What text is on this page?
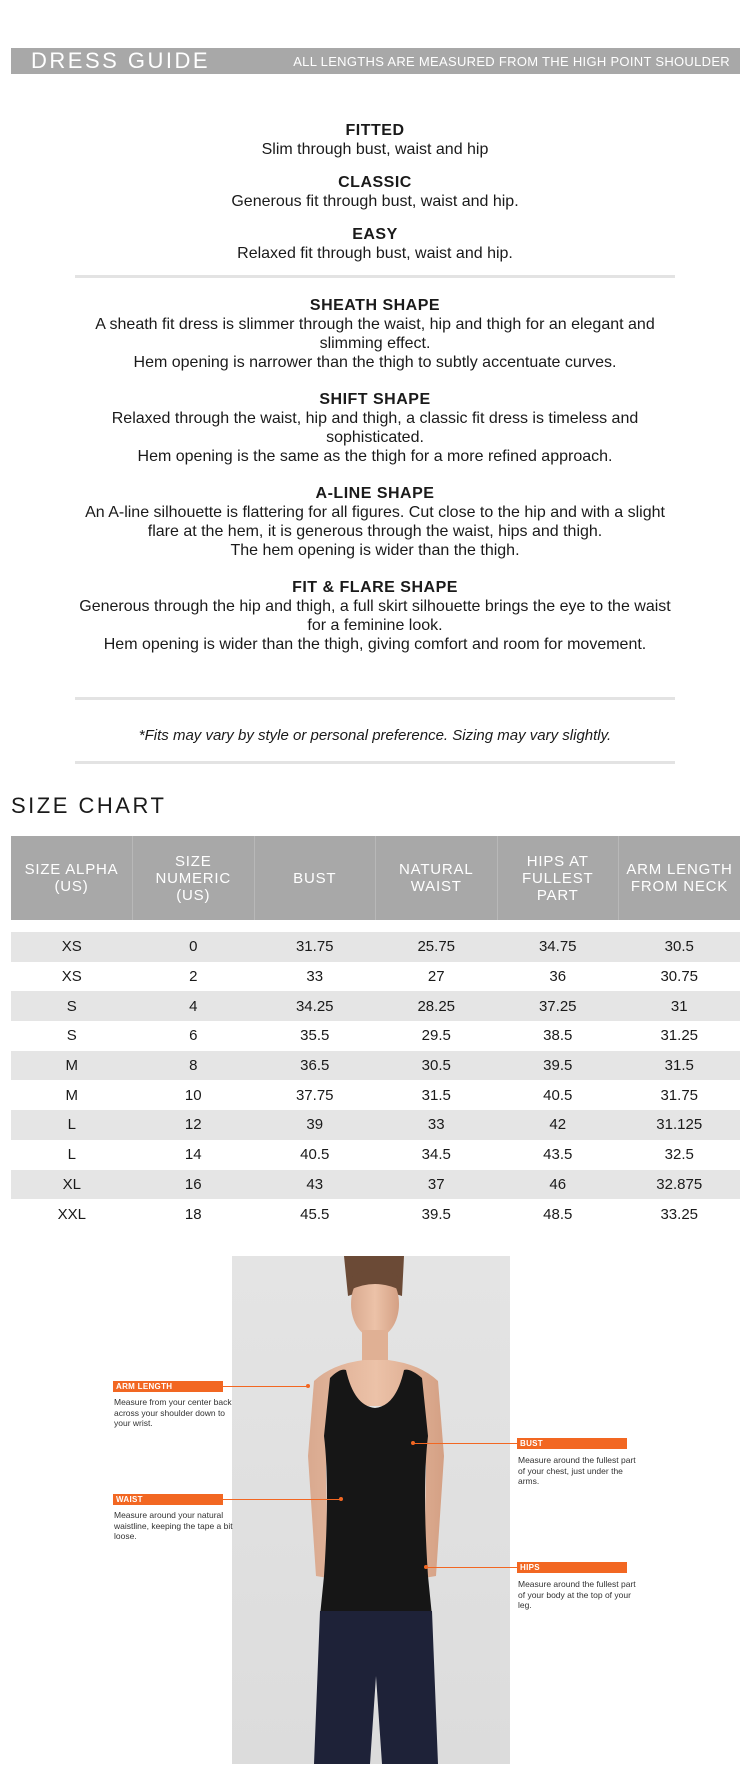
DRESS GUIDE	ALL LENGTHS ARE MEASURED FROM THE HIGH POINT SHOULDER
FITTED
Slim through bust, waist and hip
CLASSIC
Generous fit through bust, waist and hip.
EASY
Relaxed fit through bust, waist and hip.
SHEATH SHAPE
A sheath fit dress is slimmer through the waist, hip and thigh for an elegant and slimming effect.
Hem opening is narrower than the thigh to subtly accentuate curves.
SHIFT SHAPE
Relaxed through the waist, hip and thigh, a classic fit dress is timeless and sophisticated.
Hem opening is the same as the thigh for a more refined approach.
A-LINE SHAPE
An A-line silhouette is flattering for all figures. Cut close to the hip and with a slight flare at the hem, it is generous through the waist, hips and thigh.
The hem opening is wider than the thigh.
FIT & FLARE SHAPE
Generous through the hip and thigh, a full skirt silhouette brings the eye to the waist for a feminine look.
Hem opening is wider than the thigh, giving comfort and room for movement.
*Fits may vary by style or personal preference. Sizing may vary slightly.
SIZE CHART
SIZE ALPHA (US)	SIZE NUMERIC (US)	BUST	NATURAL WAIST	HIPS AT FULLEST PART	ARM LENGTH FROM NECK

XS	0	31.75	25.75	34.75	30.5
XS	2	33	27	36	30.75
S	4	34.25	28.25	37.25	31
S	6	35.5	29.5	38.5	31.25
M	8	36.5	30.5	39.5	31.5
M	10	37.75	31.5	40.5	31.75
L	12	39	33	42	31.125
L	14	40.5	34.5	43.5	32.5
XL	16	43	37	46	32.875
XXL	18	45.5	39.5	48.5	33.25
ARM LENGTH
Measure from your center back across your shoulder down to your wrist.
WAIST
Measure around your natural waistline, keeping the tape a bit loose.
BUST
Measure around the fullest part of your chest, just under the arms.
HIPS
Measure around the fullest part of your body at the top of your leg.
